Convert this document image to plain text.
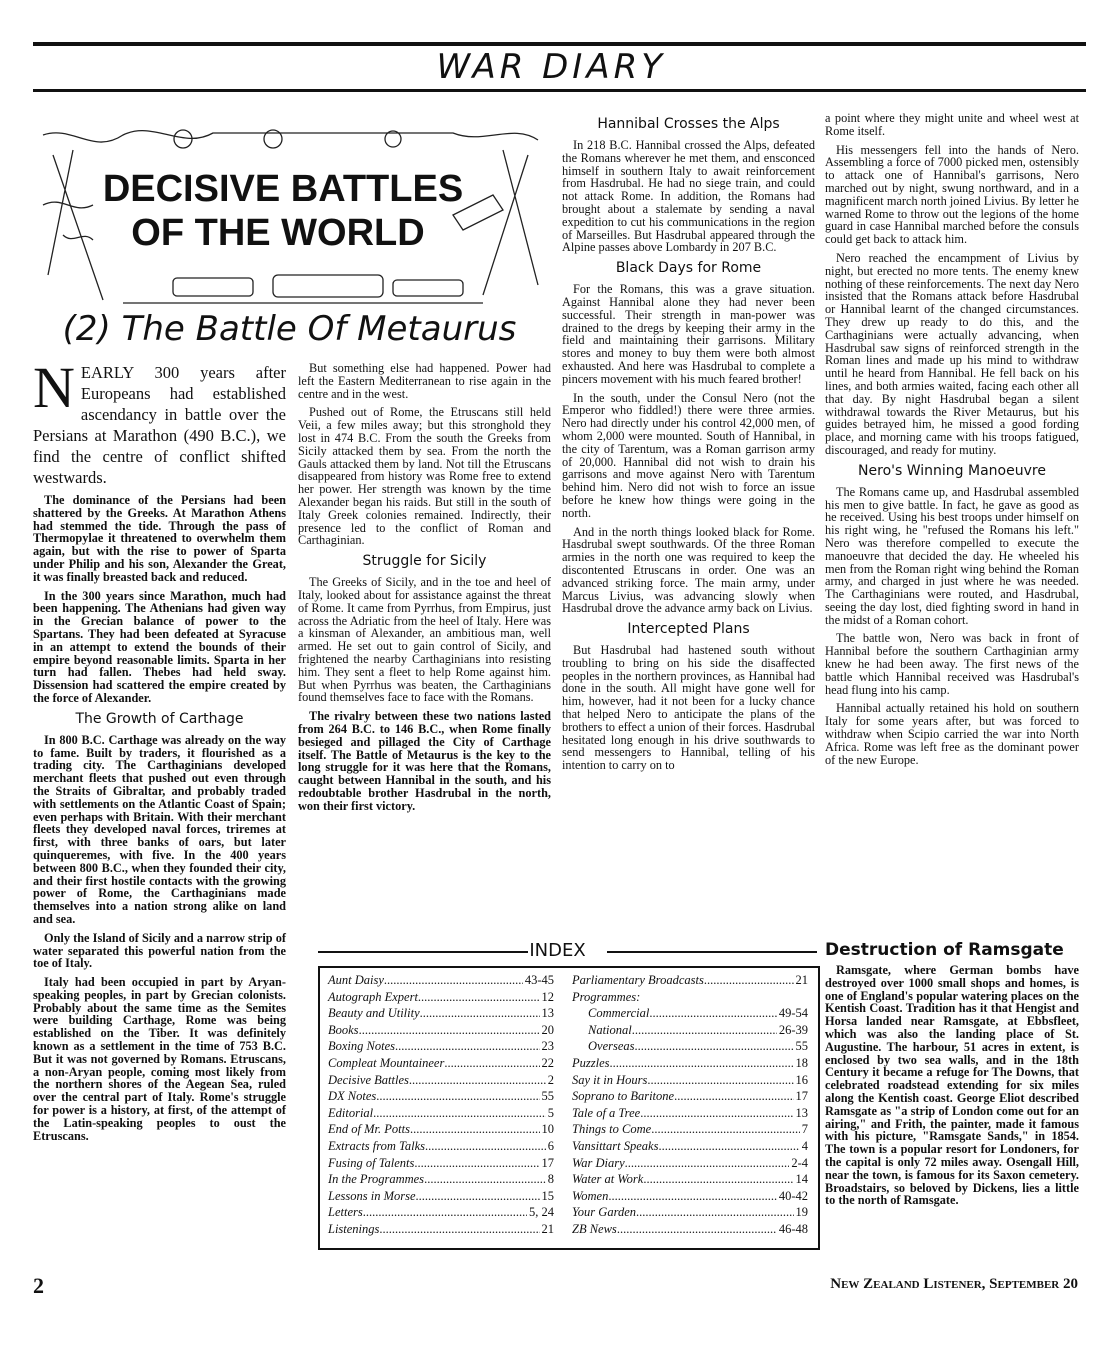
WAR DIARY
DECISIVE BATTLES
OF THE WORLD
(2) The Battle Of Metaurus

NEARLY 300 years after Europeans had established ascendancy in battle over the Persians at Marathon (490 B.C.), we find the centre of conflict shifted westwards.

The dominance of the Persians had been shattered by the Greeks. At Marathon Athens had stemmed the tide. Through the pass of Thermopylae it threatened to overwhelm them again, but with the rise to power of Sparta under Philip and his son, Alexander the Great, it was finally breasted back and reduced.

In the 300 years since Marathon, much had been happening. The Athenians had given way in the Grecian balance of power to the Spartans. They had been defeated at Syracuse in an attempt to extend the bounds of their empire beyond reasonable limits. Sparta in her turn had fallen. Thebes had held sway. Dissension had scattered the empire created by the force of Alexander.

The Growth of Carthage

In 800 B.C. Carthage was already on the way to fame. Built by traders, it flourished as a trading city. The Carthaginians developed merchant fleets that pushed out even through the Straits of Gibraltar, and probably traded with settlements on the Atlantic Coast of Spain; even perhaps with Britain. With their merchant fleets they developed naval forces, triremes at first, with three banks of oars, but later quinqueremes, with five. In the 400 years between 800 B.C., when they founded their city, and their first hostile contacts with the growing power of Rome, the Carthaginians made themselves into a nation strong alike on land and sea.

Only the Island of Sicily and a narrow strip of water separated this powerful nation from the toe of Italy.

Italy had been occupied in part by Aryan-speaking peoples, in part by Grecian colonists. Probably about the same time as the Semites were building Carthage, Rome was being established on the Tiber. It was definitely known as a settlement in the time of 753 B.C. But it was not governed by Romans. Etruscans, a non-Aryan people, coming most likely from the northern shores of the Aegean Sea, ruled over the central part of Italy. Rome's struggle for power is a history, at first, of the attempt of the Latin-speaking peoples to oust the Etruscans.

But something else had happened. Power had left the Eastern Mediterranean to rise again in the centre and in the west.

Pushed out of Rome, the Etruscans still held Veii, a few miles away; but this stronghold they lost in 474 B.C. From the south the Greeks from Sicily attacked them by sea. From the north the Gauls attacked them by land. Not till the Etruscans disappeared from history was Rome free to extend her power. Her strength was known by the time Alexander began his raids. But still in the south of Italy Greek colonies remained. Indirectly, their presence led to the conflict of Roman and Carthaginian.

Struggle for Sicily

The Greeks of Sicily, and in the toe and heel of Italy, looked about for assistance against the threat of Rome. It came from Pyrrhus, from Empirus, just across the Adriatic from the heel of Italy. Here was a kinsman of Alexander, an ambitious man, well armed. He set out to gain control of Sicily, and frightened the nearby Carthaginians into resisting him. They sent a fleet to help Rome against him. But when Pyrrhus was beaten, the Carthaginians found themselves face to face with the Romans.

The rivalry between these two nations lasted from 264 B.C. to 146 B.C., when Rome finally besieged and pillaged the City of Carthage itself. The Battle of Metaurus is the key to the long struggle for it was here that the Romans, caught between Hannibal in the south, and his redoubtable brother Hasdrubal in the north, won their first victory.

Hannibal Crosses the Alps

In 218 B.C. Hannibal crossed the Alps, defeated the Romans wherever he met them, and ensconced himself in southern Italy to await reinforcement from Hasdrubal. He had no siege train, and could not attack Rome. In addition, the Romans had brought about a stalemate by sending a naval expedition to cut his communications in the region of Marseilles. But Hasdrubal appeared through the Alpine passes above Lombardy in 207 B.C.

Black Days for Rome

For the Romans, this was a grave situation. Against Hannibal alone they had never been successful. Their strength in man-power was drained to the dregs by keeping their army in the field and maintaining their garrisons. Military stores and money to buy them were both almost exhausted. And here was Hasdrubal to complete a pincers movement with his much feared brother!

In the south, under the Consul Nero (not the Emperor who fiddled!) there were three armies. Nero had directly under his control 42,000 men, of whom 2,000 were mounted. South of Hannibal, in the city of Tarentum, was a Roman garrison army of 20,000. Hannibal did not wish to drain his garrisons and move against Nero with Tarentum behind him. Nero did not wish to force an issue before he knew how things were going in the north.

And in the north things looked black for Rome. Hasdrubal swept southwards. Of the three Roman armies in the north one was required to keep the discontented Etruscans in order. One was an advanced striking force. The main army, under Marcus Livius, was advancing slowly when Hasdrubal drove the advance army back on Livius.

Intercepted Plans

But Hasdrubal had hastened south without troubling to bring on his side the disaffected peoples in the northern provinces, as Hannibal had done in the south. All might have gone well for him, however, had it not been for a lucky chance that helped Nero to anticipate the plans of the brothers to effect a union of their forces. Hasdrubal hesitated long enough in his drive southwards to send messengers to Hannibal, telling of his intention to carry on to

a point where they might unite and wheel west at Rome itself.

His messengers fell into the hands of Nero. Assembling a force of 7000 picked men, ostensibly to attack one of Hannibal's garrisons, Nero marched out by night, swung northward, and in a magnificent march north joined Livius. By letter he warned Rome to throw out the legions of the home guard in case Hannibal marched before the consuls could get back to attack him.

Nero reached the encampment of Livius by night, but erected no more tents. The enemy knew nothing of these reinforcements. The next day Nero insisted that the Romans attack before Hasdrubal or Hannibal learnt of the changed circumstances. They drew up ready to do this, and the Carthaginians were actually advancing, when Hasdrubal saw signs of reinforced strength in the Roman lines and made up his mind to withdraw until he heard from Hannibal. He fell back on his lines, and both armies waited, facing each other all that day. By night Hasdrubal began a silent withdrawal towards the River Metaurus, but his guides betrayed him, he missed a good fording place, and morning came with his troops fatigued, discouraged, and ready for mutiny.

Nero's Winning Manoeuvre

The Romans came up, and Hasdrubal assembled his men to give battle. In fact, he gave as good as he received. Using his best troops under himself on his right wing, he "refused the Romans his left." Nero was therefore compelled to execute the manoeuvre that decided the day. He wheeled his men from the Roman right wing behind the Roman army, and charged in just where he was needed. The Carthaginians were routed, and Hasdrubal, seeing the day lost, died fighting sword in hand in the midst of a Roman cohort.

The battle won, Nero was back in front of Hannibal before the southern Carthaginian army knew he had been away. The first news of the battle which Hannibal received was Hasdrubal's head flung into his camp.

Hannibal actually retained his hold on southern Italy for some years after, but was forced to withdraw when Scipio carried the war into North Africa. Rome was left free as the dominant power of the new Europe.

Destruction of Ramsgate

Ramsgate, where German bombs have destroyed over 1000 small shops and homes, is one of England's popular watering places on the Kentish Coast. Tradition has it that Hengist and Horsa landed near Ramsgate, at Ebbsfleet, which was also the landing place of St. Augustine. The harbour, 51 acres in extent, is enclosed by two sea walls, and in the 18th Century it became a refuge for The Downs, that celebrated roadstead extending for six miles along the Kentish coast. George Eliot described Ramsgate as "a strip of London come out for an airing," and Frith, the painter, made it famous with his picture, "Ramsgate Sands," in 1854. The town is a popular resort for Londoners, for the capital is only 72 miles away. Osengall Hill, near the town, is famous for its Saxon cemetery. Broadstairs, so beloved by Dickens, lies a little to the north of Ramsgate.

INDEX
Aunt Daisy .....	43-45
Autograph Expert .....	12
Beauty and Utility .....	13
Books .....	20
Boxing Notes .....	23
Compleat Mountaineer .....	22
Decisive Battles .....	2
DX Notes .....	55
Editorial .....	5
End of Mr. Potts .....	10
Extracts from Talks .....	6
Fusing of Talents .....	17
In the Programmes .....	8
Lessons in Morse .....	15
Letters .....	5, 24
Listenings .....	21
Parliamentary Broadcasts .....	21
Programmes:
Commercial .....	49-54
National .....	26-39
Overseas .....	55
Puzzles .....	18
Say it in Hours .....	16
Soprano to Baritone .....	17
Tale of a Tree .....	13
Things to Come .....	7
Vansittart Speaks .....	4
War Diary .....	2-4
Water at Work .....	14
Women .....	40-42
Your Garden .....	19
ZB News .....	46-48
2	New Zealand Listener, September 20
